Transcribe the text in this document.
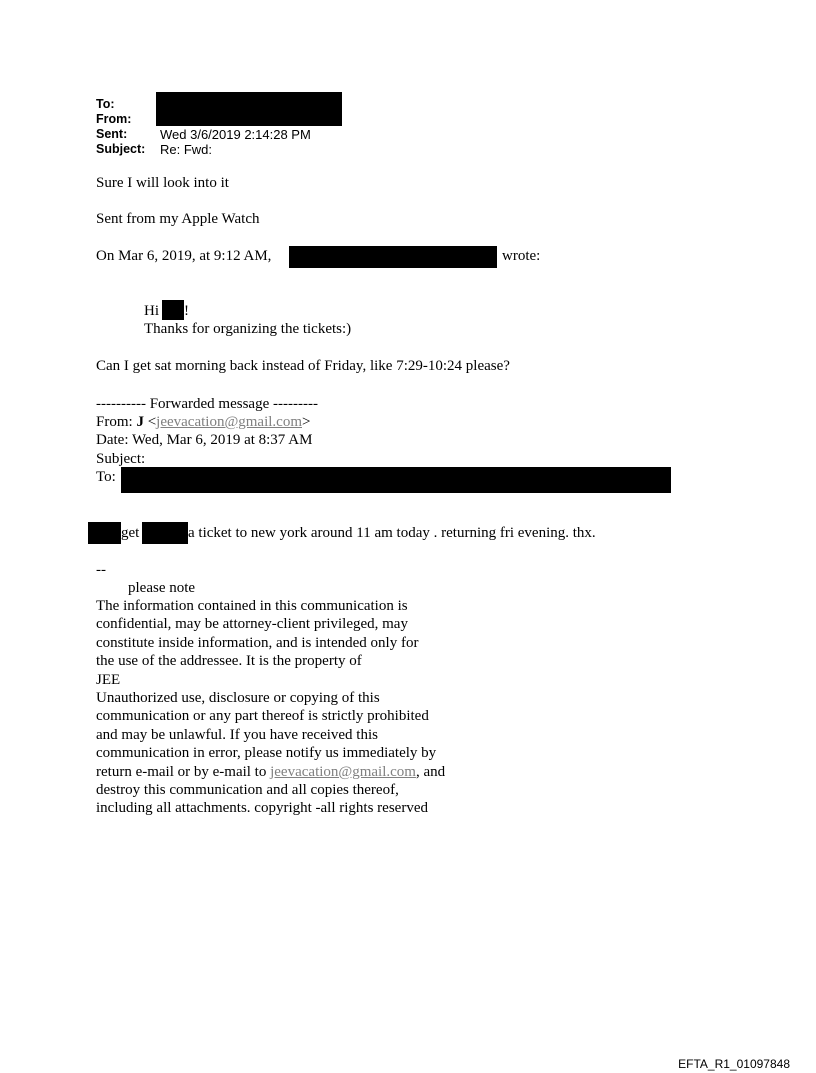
To:
From:
Sent:
Subject:
Wed 3/6/2019 2:14:28 PM
Re: Fwd:
Sure I will look into it
Sent from my Apple Watch
On Mar 6, 2019, at 9:12 AM,	wrote:
Hi !
Thanks for organizing the tickets:)
Can I get sat morning back instead of Friday, like 7:29-10:24 please?
---------- Forwarded message ---------
From: J <jeevacation@gmail.com>
Date: Wed, Mar 6, 2019 at 8:37 AM
Subject:
To:
get	a ticket to new york around 11 am today . returning fri evening. thx.
--
please note
The information contained in this communication is
confidential, may be attorney-client privileged, may
constitute inside information, and is intended only for
the use of the addressee. It is the property of
JEE
Unauthorized use, disclosure or copying of this
communication or any part thereof is strictly prohibited
and may be unlawful. If you have received this
communication in error, please notify us immediately by
return e-mail or by e-mail to jeevacation@gmail.com, and
destroy this communication and all copies thereof,
including all attachments. copyright -all rights reserved
EFTA_R1_01097848
